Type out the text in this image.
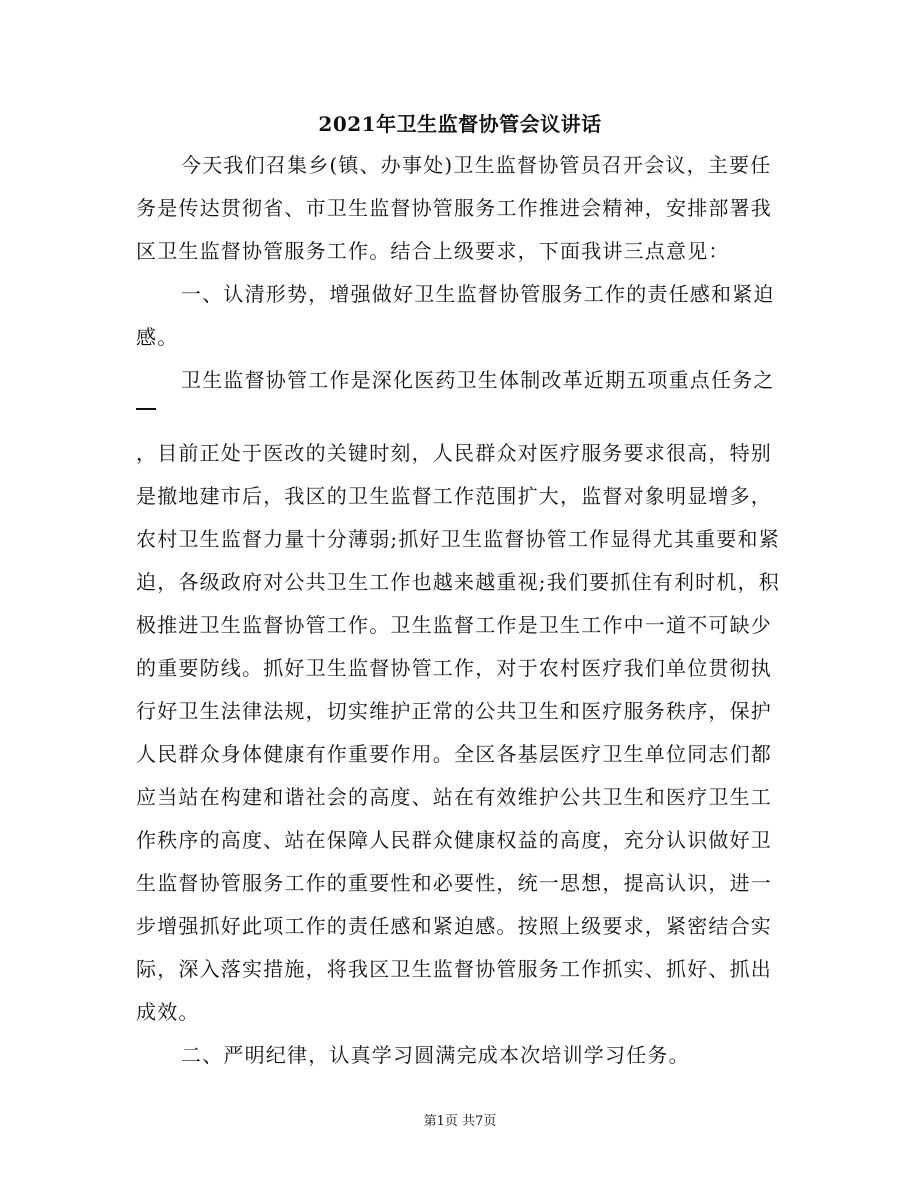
2021年卫生监督协管会议讲话
今天我们召集乡(镇、办事处)卫生监督协管员召开会议，主要任
务是传达贯彻省、市卫生监督协管服务工作推进会精神，安排部署我
区卫生监督协管服务工作。结合上级要求，下面我讲三点意见：
一、认清形势，增强做好卫生监督协管服务工作的责任感和紧迫
感。
卫生监督协管工作是深化医药卫生体制改革近期五项重点任务之
，目前正处于医改的关键时刻，人民群众对医疗服务要求很高，特别
是撤地建市后，我区的卫生监督工作范围扩大，监督对象明显增多，
农村卫生监督力量十分薄弱;抓好卫生监督协管工作显得尤其重要和紧
迫，各级政府对公共卫生工作也越来越重视;我们要抓住有利时机，积
极推进卫生监督协管工作。卫生监督工作是卫生工作中一道不可缺少
的重要防线。抓好卫生监督协管工作，对于农村医疗我们单位贯彻执
行好卫生法律法规，切实维护正常的公共卫生和医疗服务秩序，保护
人民群众身体健康有作重要作用。全区各基层医疗卫生单位同志们都
应当站在构建和谐社会的高度、站在有效维护公共卫生和医疗卫生工
作秩序的高度、站在保障人民群众健康权益的高度，充分认识做好卫
生监督协管服务工作的重要性和必要性，统一思想，提高认识，进一
步增强抓好此项工作的责任感和紧迫感。按照上级要求，紧密结合实
际，深入落实措施，将我区卫生监督协管服务工作抓实、抓好、抓出
成效。
二、严明纪律，认真学习圆满完成本次培训学习任务。
第1页 共7页
